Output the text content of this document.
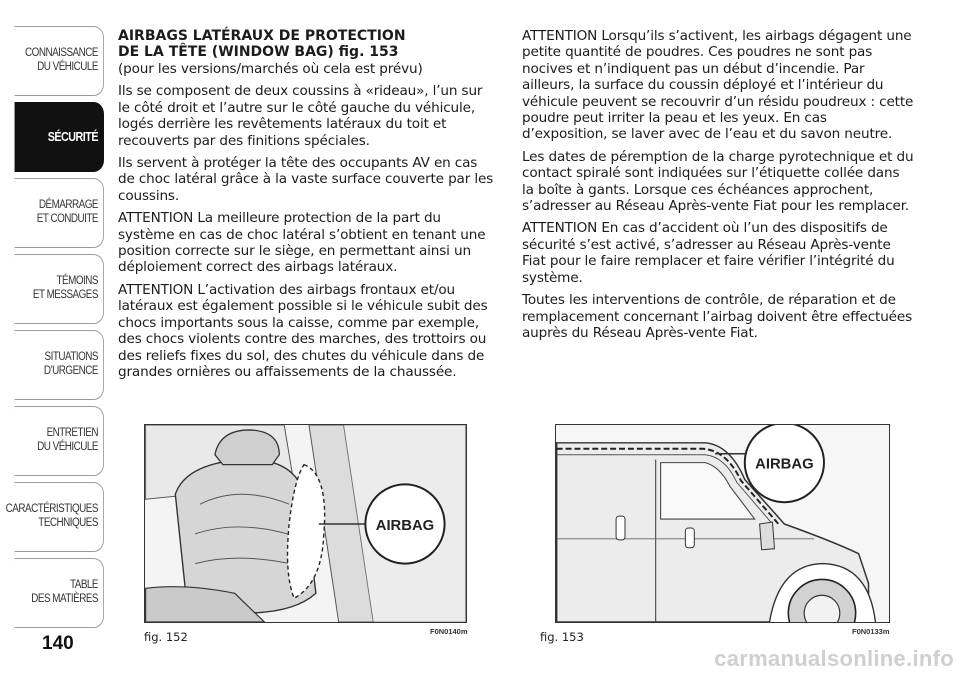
CONNAISSANCE
DU VÉHICULE
SÉCURITÉ
DÉMARRAGE
ET CONDUITE
TÉMOINS
ET MESSAGES
SITUATIONS
D’URGENCE
ENTRETIEN
DU VÉHICULE
CARACTÉRISTIQUES
TECHNIQUES
TABLE
DES MATIÈRES
140
AIRBAGS LATÉRAUX DE PROTECTION
DE LA TÊTE (WINDOW BAG) fig. 153

(pour les versions/marchés où cela est prévu)

Ils se composent de deux coussins à «rideau», l’un sur le côté droit et l’autre sur le côté gauche du véhicule, logés derrière les revêtements latéraux du toit et recouverts par des finitions spéciales.

Ils servent à protéger la tête des occupants AV en cas de choc latéral grâce à la vaste surface couverte par les coussins.

ATTENTION La meilleure protection de la part du système en cas de choc latéral s’obtient en tenant une position correcte sur le siège, en permettant ainsi un déploiement correct des airbags latéraux.

ATTENTION L’activation des airbags frontaux et/ou latéraux est également possible si le véhicule subit des chocs importants sous la caisse, comme par exemple, des chocs violents contre des marches, des trottoirs ou des reliefs fixes du sol, des chutes du véhicule dans de grandes ornières ou affaissements de la chaussée.

ATTENTION Lorsqu’ils s’activent, les airbags dégagent une petite quantité de poudres. Ces poudres ne sont pas nocives et n’indiquent pas un début d’incendie. Par ailleurs, la surface du coussin déployé et l’intérieur du véhicule peuvent se recouvrir d’un résidu poudreux : cette poudre peut irriter la peau et les yeux. En cas d’exposition, se laver avec de l’eau et du savon neutre.

Les dates de péremption de la charge pyrotechnique et du contact spiralé sont indiquées sur l’étiquette collée dans la boîte à gants. Lorsque ces échéances approchent, s’adresser au Réseau Après-vente Fiat pour les remplacer.

ATTENTION En cas d’accident où l’un des dispositifs de sécurité s’est activé, s’adresser au Réseau Après-vente Fiat pour le faire remplacer et faire vérifier l’intégrité du système.

Toutes les interventions de contrôle, de réparation et de remplacement concernant l’airbag doivent être effectuées auprès du Réseau Après-vente Fiat.

AIRBAG
fig. 152	F0N0140m
AIRBAG
fig. 153	F0N0133m
carmanualsonline.info
